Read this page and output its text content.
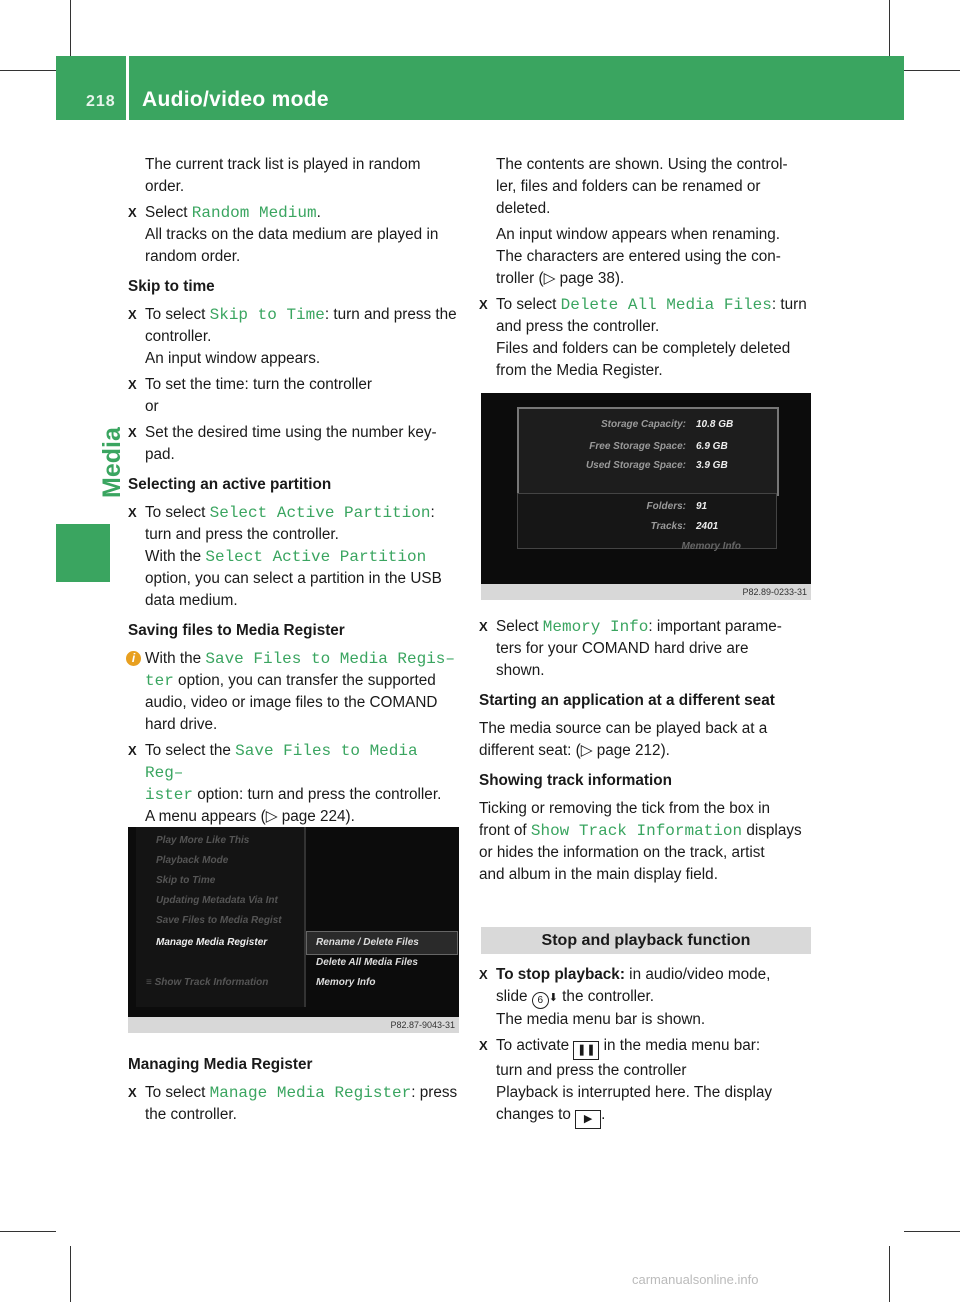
218 Audio/video mode
Media

The current track list is played in random
order.

X Select Random Medium.

All tracks on the data medium are played in
random order.

Skip to time

X To select Skip to Time: turn and press the
controller.
An input window appears.
X To set the time: turn the controller

or

X Set the desired time using the number key-
pad.

Selecting an active partition

X To select Select Active Partition:
turn and press the controller.
With the Select Active Partition
option, you can select a partition in the USB
data medium.

Saving files to Media Register

i With the Save Files to Media Regis–
ter option, you can transfer the supported
audio, video or image files to the COMAND
hard drive.
X To select the Save Files to Media Reg–
ister option: turn and press the controller.
A menu appears (▷ page 224).
Play More Like This
Playback Mode
Skip to Time
Updating Metadata Via Int
Save Files to Media Regist
Manage Media Register
≡ Show Track Information
Rename / Delete Files
Delete All Media Files
Memory Info
P82.87-9043-31

Managing Media Register

X To select Manage Media Register: press
the controller.

The contents are shown. Using the control-
ler, files and folders can be renamed or
deleted.

An input window appears when renaming.
The characters are entered using the con-
troller (▷ page 38).

X To select Delete All Media Files: turn
and press the controller.

Files and folders can be completely deleted
from the Media Register.

Storage Capacity: 10.8 GB
Free Storage Space: 6.9 GB
Used Storage Space: 3.9 GB
Folders: 91
Tracks: 2401
Memory Info
P82.89-0233-31
X Select Memory Info: important parame-
ters for your COMAND hard drive are
shown.

Starting an application at a different seat

The media source can be played back at a
different seat: (▷ page 212).

Showing track information

Ticking or removing the tick from the box in
front of Show Track Information displays
or hides the information on the track, artist
and album in the main display field.

Stop and playback function
X To stop playback: in audio/video mode,
slide 6 ⬇ the controller.
The media menu bar is shown.
X To activate ❚❚ in the media menu bar:
turn and press the controller
Playback is interrupted here. The display
changes to ▶ .
carmanualsonline.info
